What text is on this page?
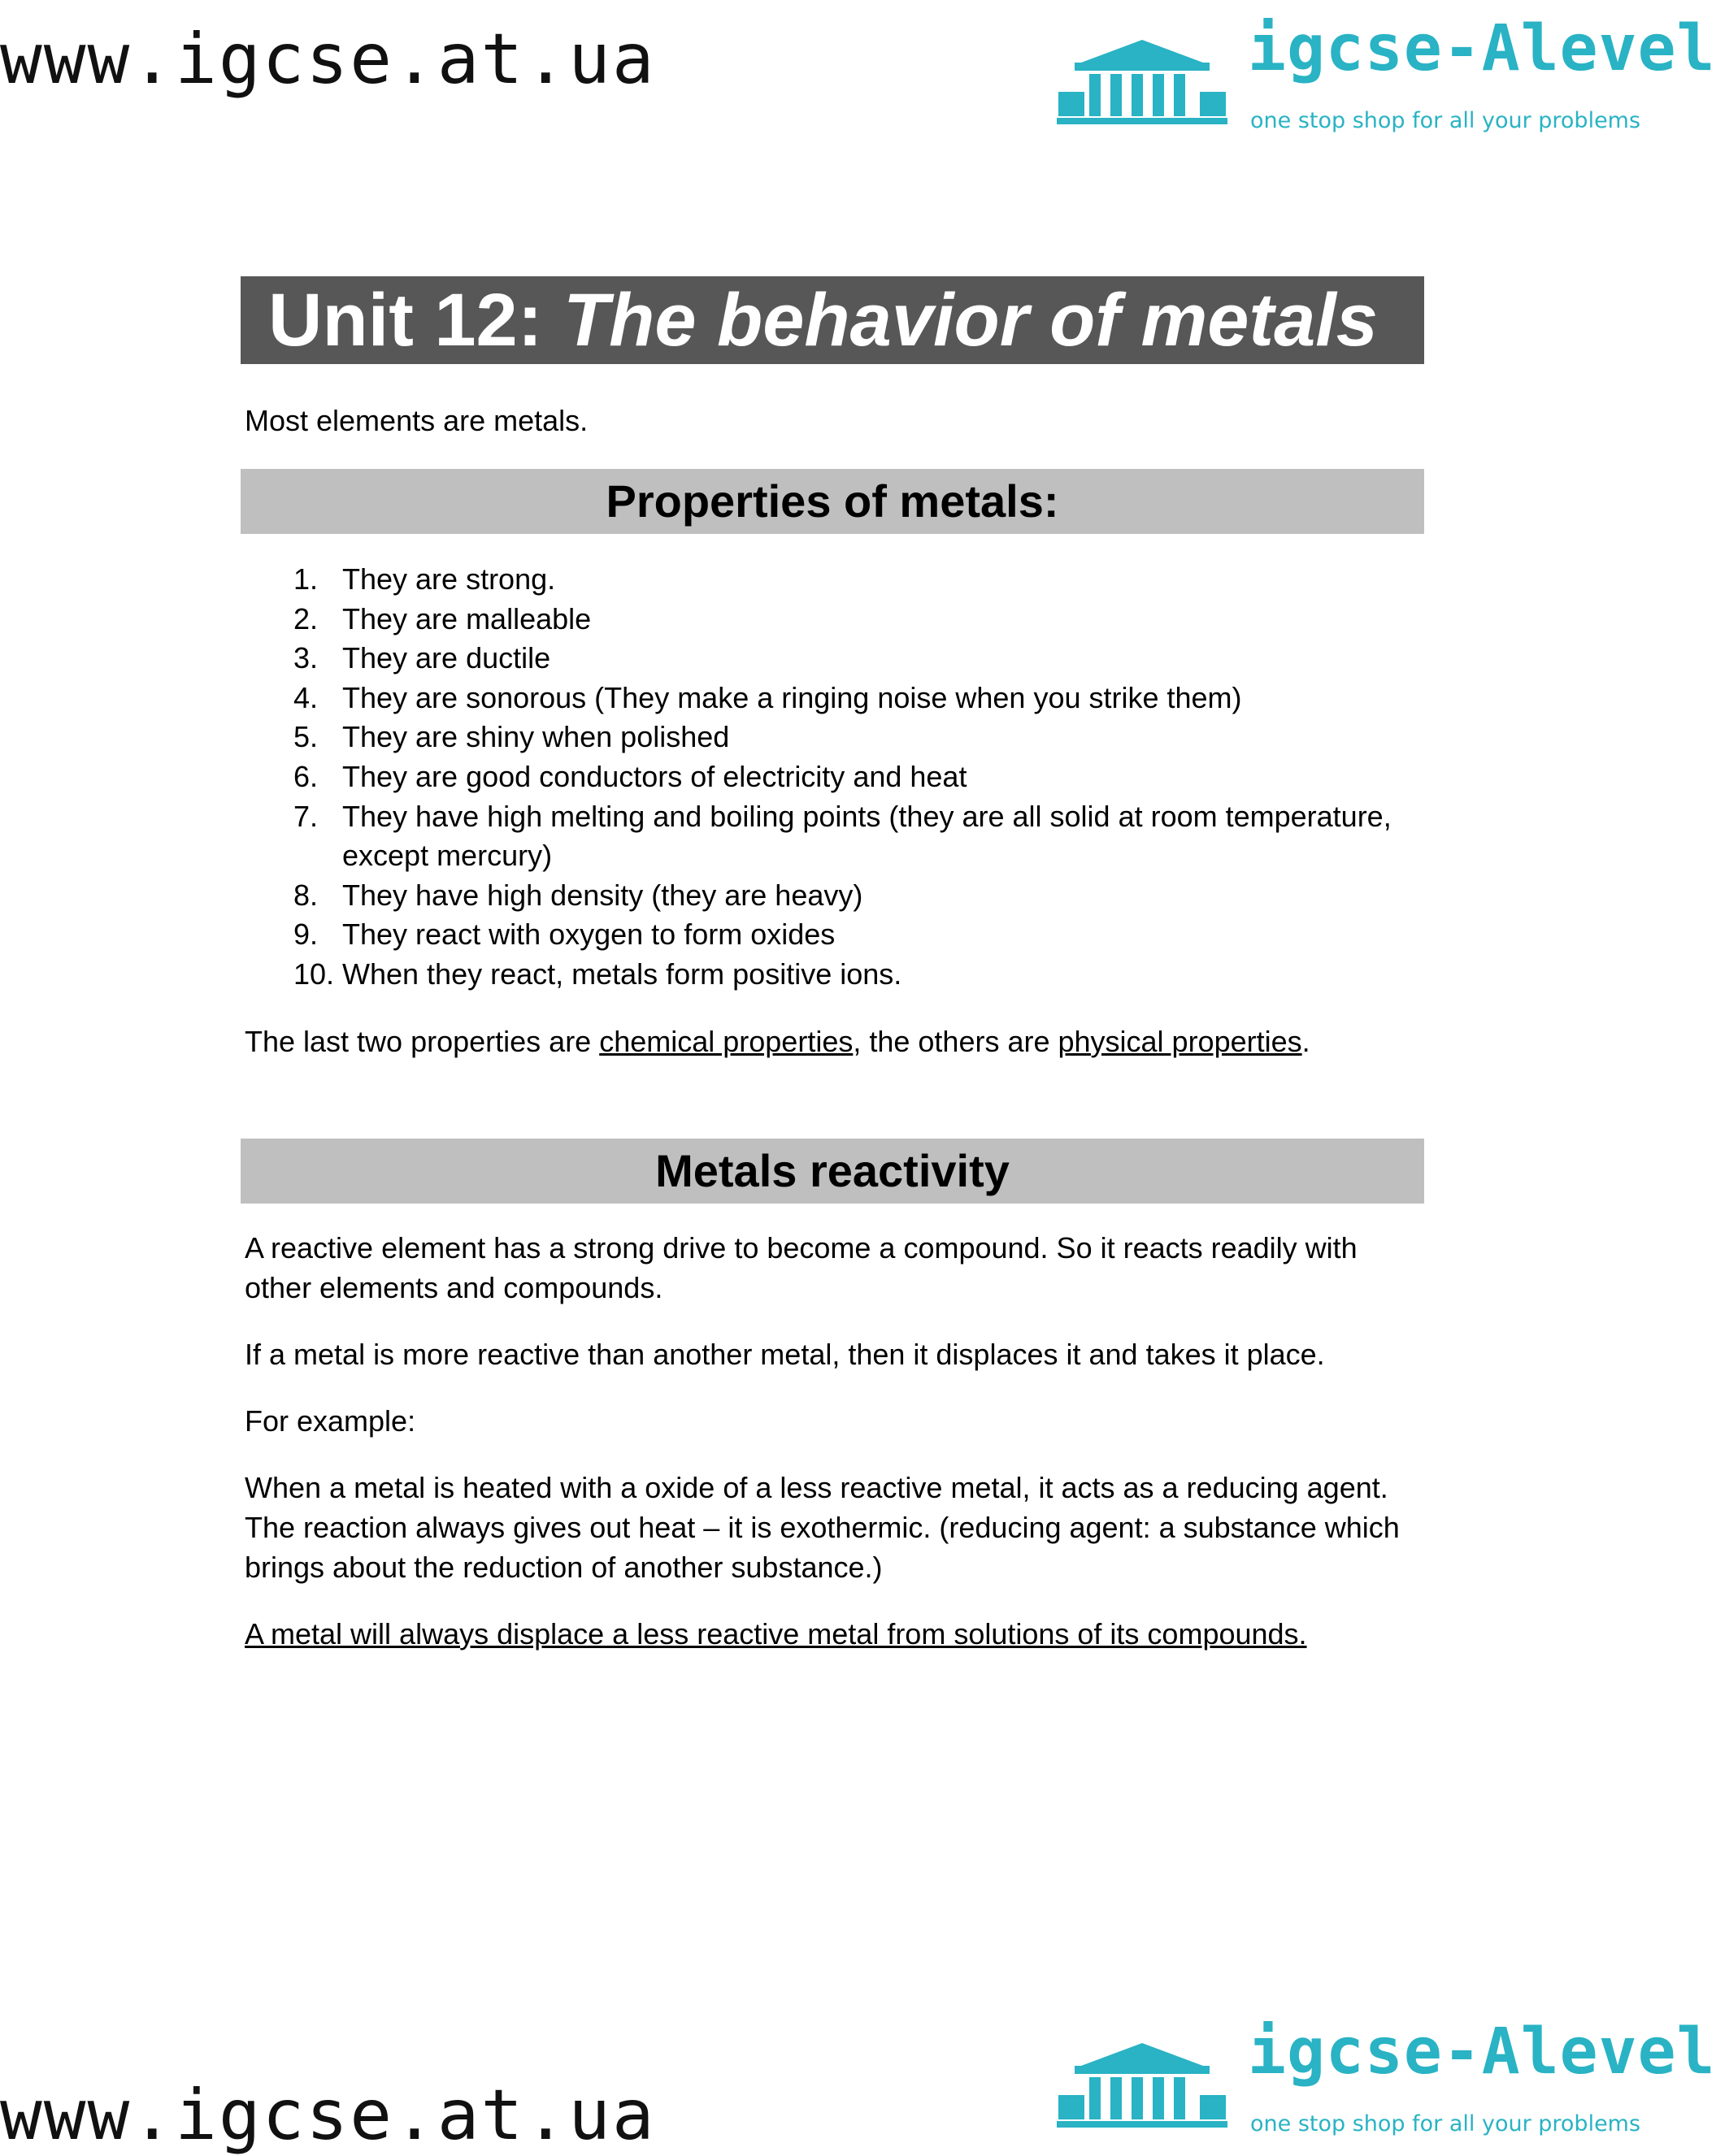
www.igcse.at.ua	igcse-Alevel
one stop shop for all your problems
Unit 12: The behavior of metals

Most elements are metals.

Properties of metals:
1. They are strong.
2. They are malleable
3. They are ductile
4. They are sonorous (They make a ringing noise when you strike them)
5. They are shiny when polished
6. They are good conductors of electricity and heat
7. They have high melting and boiling points (they are all solid at room temperature, except mercury)
8. They have high density (they are heavy)
9. They react with oxygen to form oxides
10. When they react, metals form positive ions.

The last two properties are chemical properties, the others are physical properties.

Metals reactivity

A reactive element has a strong drive to become a compound. So it reacts readily with other elements and compounds.

If a metal is more reactive than another metal, then it displaces it and takes it place.

For example:

When a metal is heated with a oxide of a less reactive metal, it acts as a reducing agent. The reaction always gives out heat – it is exothermic. (reducing agent: a substance which brings about the reduction of another substance.)

A metal will always displace a less reactive metal from solutions of its compounds.

igcse-Alevel
one stop shop for all your problems
www.igcse.at.ua
